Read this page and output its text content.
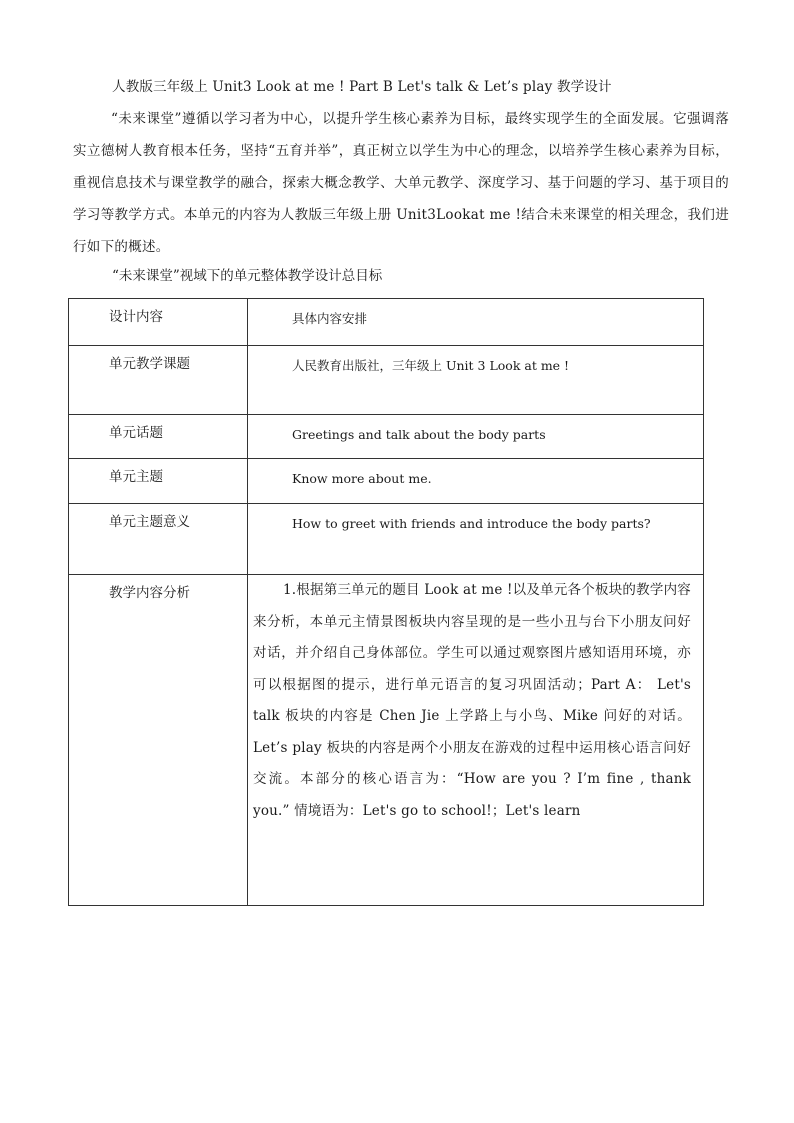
人教版三年级上 Unit3 Look at me ! Part B Let's talk & Let’s play 教学设计
“未来课堂”遵循以学习者为中心，以提升学生核心素养为目标，最终实现学生的全面发展。它强调落实立德树人教育根本任务，坚持“五育并举”，真正树立以学生为中心的理念，以培养学生核心素养为目标，重视信息技术与课堂教学的融合，探索大概念教学、大单元教学、深度学习、基于问题的学习、基于项目的学习等教学方式。本单元的内容为人教版三年级上册 Unit3Lookat me !结合未来课堂的相关理念，我们进行如下的概述。
“未来课堂”视域下的单元整体教学设计总目标
设计内容	具体内容安排
单元教学课题	人民教育出版社，三年级上 Unit 3 Look at me !
单元话题	Greetings and talk about the body parts
单元主题	Know more about me.
单元主题意义	How to greet with friends and introduce the body parts?
教学内容分析	1.根据第三单元的题目 Look at me !以及单元各个板块的教学内容来分析，本单元主情景图板块内容呈现的是一些小丑与台下小朋友问好对话，并介绍自己身体部位。学生可以通过观察图片感知语用环境，亦可以根据图的提示，进行单元语言的复习巩固活动；Part A： Let's talk 板块的内容是 Chen Jie 上学路上与小鸟、Mike 问好的对话。 Let’s play 板块的内容是两个小朋友在游戏的过程中运用核心语言问好交流。本部分的核心语言为：“How are you ? I’m fine , thank you.” 情境语为：Let's go to school!；Let's learn
